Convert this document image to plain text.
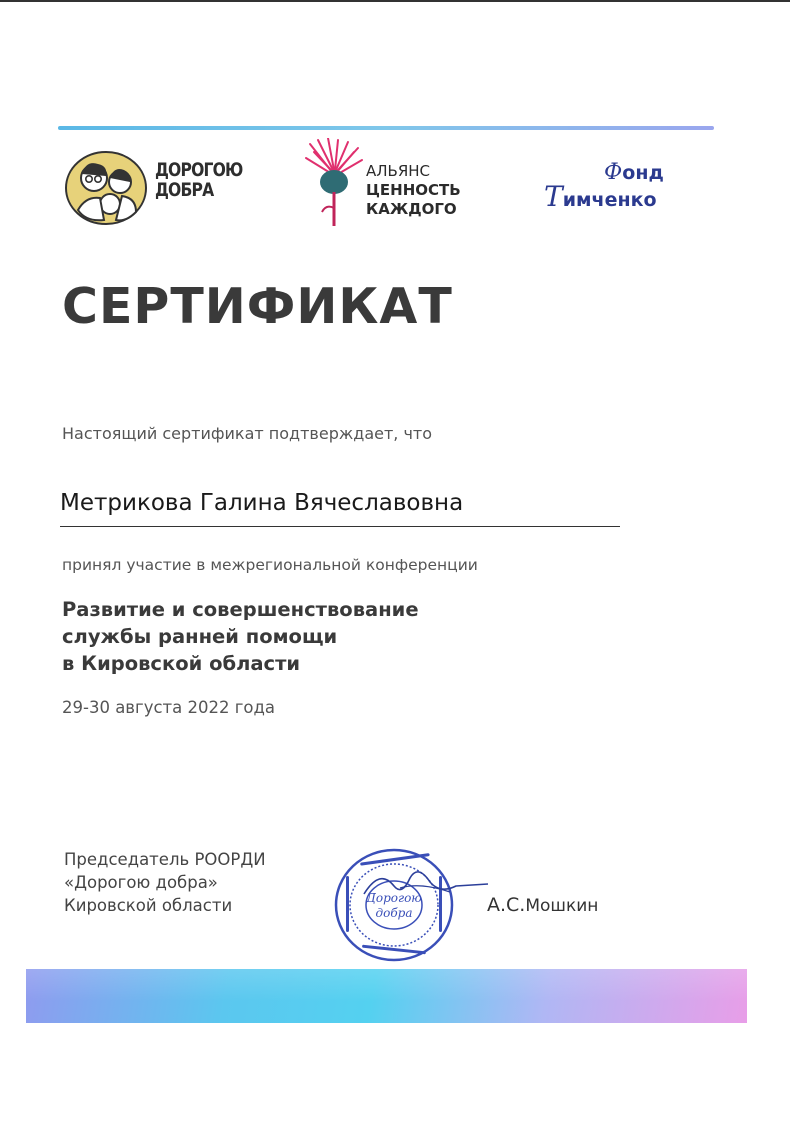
ДОРОГОЮ
ДОБРА
АЛЬЯНС
ЦЕННОСТЬ
КАЖДОГО
Фонд
Тимченко
СЕРТИФИКАТ
Настоящий сертификат подтверждает, что
Метрикова Галина Вячеславовна
принял участие в межрегиональной конференции
Развитие и совершенствование
службы ранней помощи
в Кировской области
29-30 августа 2022 года
Председатель РООРДИ
«Дорогою добра»
Кировской области	Дорогою
добра	А.С.Мошкин
